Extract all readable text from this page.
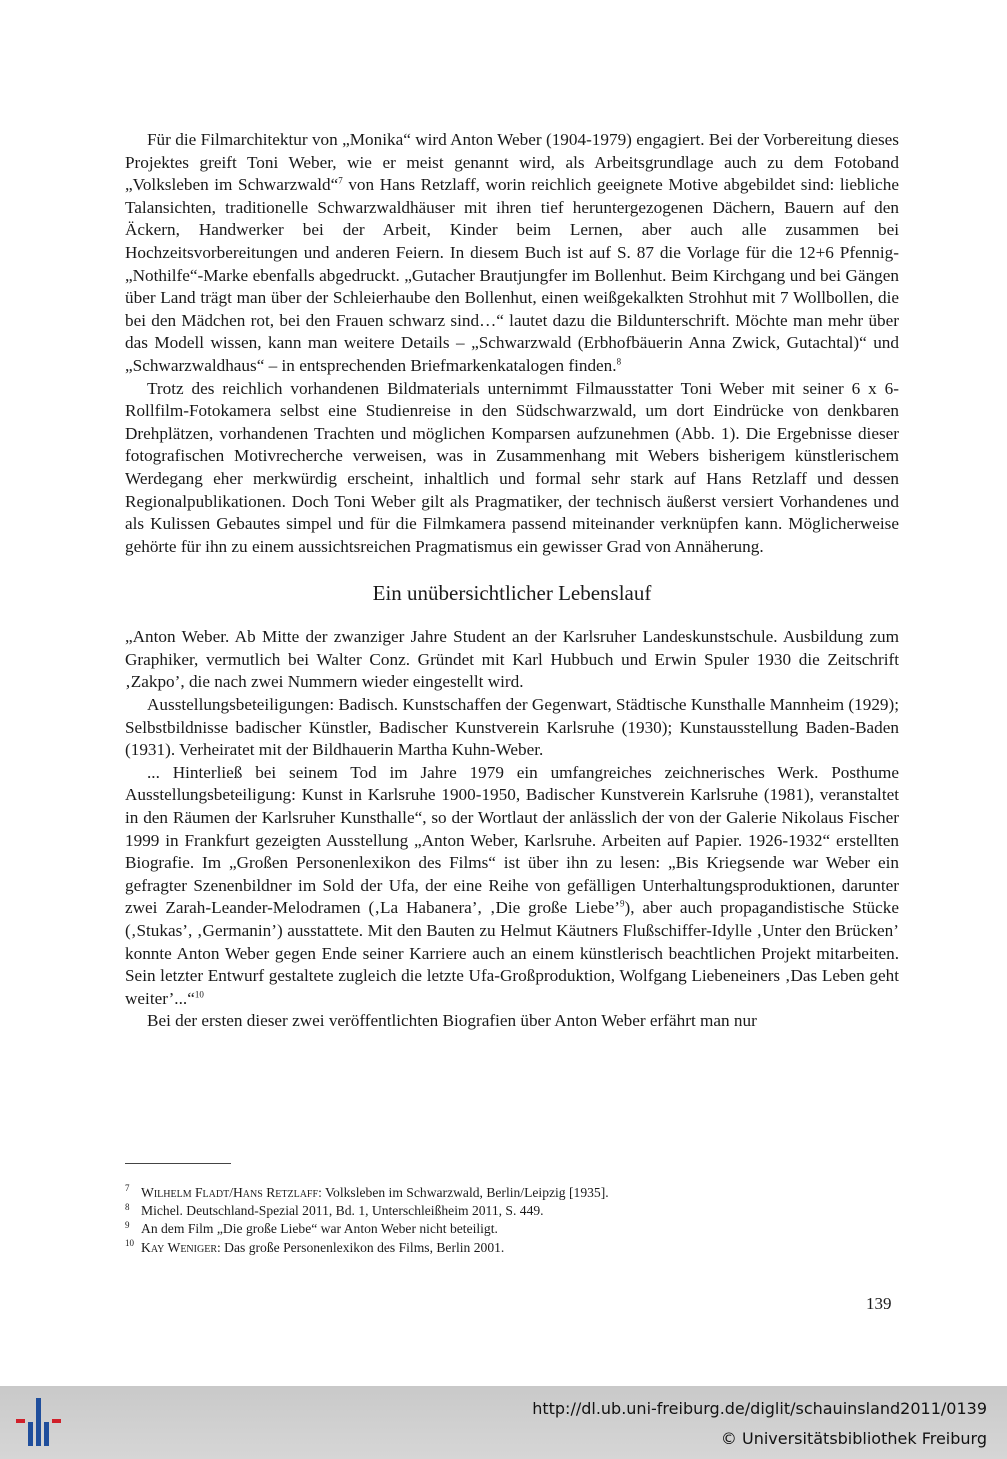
Für die Filmarchitektur von „Monika“ wird Anton Weber (1904-1979) engagiert. Bei der Vorbereitung dieses Projektes greift Toni Weber, wie er meist genannt wird, als Arbeitsgrundlage auch zu dem Fotoband „Volksleben im Schwarzwald“$^7$ von Hans Retzlaff, worin reichlich geeignete Motive abgebildet sind: liebliche Talansichten, traditionelle Schwarzwaldhäuser mit ihren tief heruntergezogenen Dächern, Bauern auf den Äckern, Handwerker bei der Arbeit, Kinder beim Lernen, aber auch alle zusammen bei Hochzeitsvorbereitungen und anderen Feiern. In diesem Buch ist auf S. 87 die Vorlage für die 12+6 Pfennig-„Nothilfe“-Marke ebenfalls abgedruckt. „Gutacher Brautjungfer im Bollenhut. Beim Kirchgang und bei Gängen über Land trägt man über der Schleierhaube den Bollenhut, einen weißgekalkten Strohhut mit 7 Wollbollen, die bei den Mädchen rot, bei den Frauen schwarz sind…“ lautet dazu die Bildunterschrift. Möchte man mehr über das Modell wissen, kann man weitere Details – „Schwarzwald (Erbhofbäuerin Anna Zwick, Gutachtal)“ und „Schwarzwaldhaus“ – in entsprechenden Briefmarkenkatalogen finden.$^8$

Trotz des reichlich vorhandenen Bildmaterials unternimmt Filmausstatter Toni Weber mit seiner 6 x 6-Rollfilm-Fotokamera selbst eine Studienreise in den Südschwarzwald, um dort Eindrücke von denkbaren Drehplätzen, vorhandenen Trachten und möglichen Komparsen aufzunehmen (Abb. 1). Die Ergebnisse dieser fotografischen Motivrecherche verweisen, was in Zusammenhang mit Webers bisherigem künstlerischem Werdegang eher merkwürdig erscheint, inhaltlich und formal sehr stark auf Hans Retzlaff und dessen Regionalpublikationen. Doch Toni Weber gilt als Pragmatiker, der technisch äußerst versiert Vorhandenes und als Kulissen Gebautes simpel und für die Filmkamera passend miteinander verknüpfen kann. Möglicherweise gehörte für ihn zu einem aussichtsreichen Pragmatismus ein gewisser Grad von Annäherung.

Ein unübersichtlicher Lebenslauf

„Anton Weber. Ab Mitte der zwanziger Jahre Student an der Karlsruher Landeskunstschule. Ausbildung zum Graphiker, vermutlich bei Walter Conz. Gründet mit Karl Hubbuch und Erwin Spuler 1930 die Zeitschrift ‚Zakpo’, die nach zwei Nummern wieder eingestellt wird.

Ausstellungsbeteiligungen: Badisch. Kunstschaffen der Gegenwart, Städtische Kunsthalle Mannheim (1929); Selbstbildnisse badischer Künstler, Badischer Kunstverein Karlsruhe (1930); Kunstausstellung Baden-Baden (1931). Verheiratet mit der Bildhauerin Martha Kuhn-Weber.

... Hinterließ bei seinem Tod im Jahre 1979 ein umfangreiches zeichnerisches Werk. Posthume Ausstellungsbeteiligung: Kunst in Karlsruhe 1900-1950, Badischer Kunstverein Karlsruhe (1981), veranstaltet in den Räumen der Karlsruher Kunsthalle“, so der Wortlaut der anlässlich der von der Galerie Nikolaus Fischer 1999 in Frankfurt gezeigten Ausstellung „Anton Weber, Karlsruhe. Arbeiten auf Papier. 1926-1932“ erstellten Biografie. Im „Großen Personenlexikon des Films“ ist über ihn zu lesen: „Bis Kriegsende war Weber ein gefragter Szenenbildner im Sold der Ufa, der eine Reihe von gefälligen Unterhaltungsproduktionen, darunter zwei Zarah-Leander-Melodramen (‚La Habanera’, ‚Die große Liebe’$^9$), aber auch propagandistische Stücke (‚Stukas’, ‚Germanin’) ausstattete. Mit den Bauten zu Helmut Käutners Flußschiffer-Idylle ‚Unter den Brücken’ konnte Anton Weber gegen Ende seiner Karriere auch an einem künstlerisch beachtlichen Projekt mitarbeiten. Sein letzter Entwurf gestaltete zugleich die letzte Ufa-Großproduktion, Wolfgang Liebeneiners ‚Das Leben geht weiter’...“$^{10}$

Bei der ersten dieser zwei veröffentlichten Biografien über Anton Weber erfährt man nur

7 Wilhelm Fladt/Hans Retzlaff: Volksleben im Schwarzwald, Berlin/Leipzig [1935].

8 Michel. Deutschland-Spezial 2011, Bd. 1, Unterschleißheim 2011, S. 449.

9 An dem Film „Die große Liebe“ war Anton Weber nicht beteiligt.

10 Kay Weniger: Das große Personenlexikon des Films, Berlin 2001.

139
http://dl.ub.uni-freiburg.de/diglit/schauinsland2011/0139
© Universitätsbibliothek Freiburg
